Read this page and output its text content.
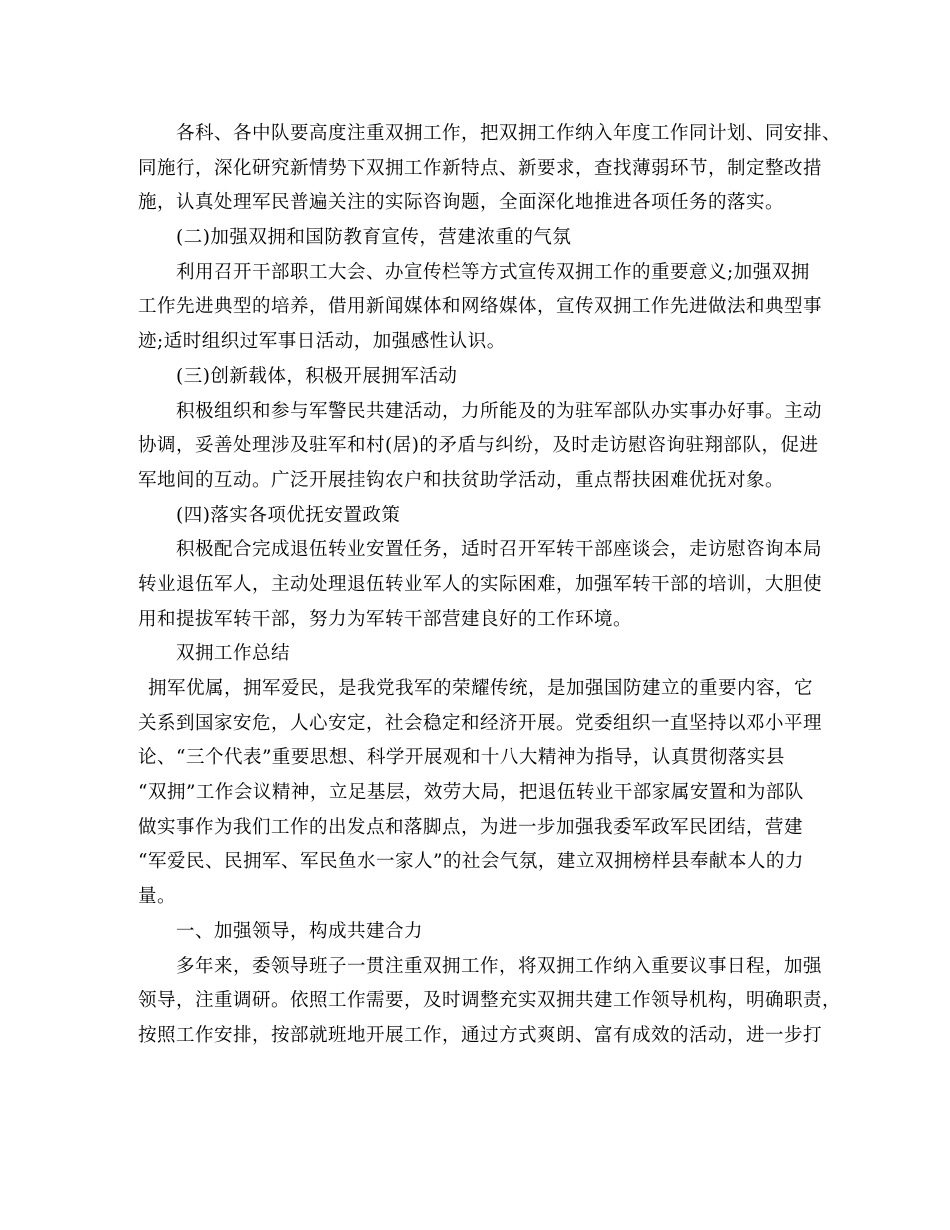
各科、各中队要高度注重双拥工作，把双拥工作纳入年度工作同计划、同安排、
同施行，深化研究新情势下双拥工作新特点、新要求，查找薄弱环节，制定整改措
施，认真处理军民普遍关注的实际咨询题，全面深化地推进各项任务的落实。
(二)加强双拥和国防教育宣传，营建浓重的气氛
利用召开干部职工大会、办宣传栏等方式宣传双拥工作的重要意义;加强双拥
工作先进典型的培养，借用新闻媒体和网络媒体，宣传双拥工作先进做法和典型事
迹;适时组织过军事日活动，加强感性认识。
(三)创新载体，积极开展拥军活动
积极组织和参与军警民共建活动，力所能及的为驻军部队办实事办好事。主动
协调，妥善处理涉及驻军和村(居)的矛盾与纠纷，及时走访慰咨询驻翔部队，促进
军地间的互动。广泛开展挂钩农户和扶贫助学活动，重点帮扶困难优抚对象。
(四)落实各项优抚安置政策
积极配合完成退伍转业安置任务，适时召开军转干部座谈会，走访慰咨询本局
转业退伍军人，主动处理退伍转业军人的实际困难，加强军转干部的培训，大胆使
用和提拔军转干部，努力为军转干部营建良好的工作环境。
双拥工作总结
拥军优属，拥军爱民，是我党我军的荣耀传统，是加强国防建立的重要内容，它
关系到国家安危，人心安定，社会稳定和经济开展。党委组织一直坚持以邓小平理
论、“三个代表”重要思想、科学开展观和十八大精神为指导，认真贯彻落实县
“双拥”工作会议精神，立足基层，效劳大局，把退伍转业干部家属安置和为部队
做实事作为我们工作的出发点和落脚点，为进一步加强我委军政军民团结，营建
“军爱民、民拥军、军民鱼水一家人”的社会气氛，建立双拥榜样县奉献本人的力
量。
一、加强领导，构成共建合力
多年来，委领导班子一贯注重双拥工作，将双拥工作纳入重要议事日程，加强
领导，注重调研。依照工作需要，及时调整充实双拥共建工作领导机构，明确职责，
按照工作安排，按部就班地开展工作，通过方式爽朗、富有成效的活动，进一步打
